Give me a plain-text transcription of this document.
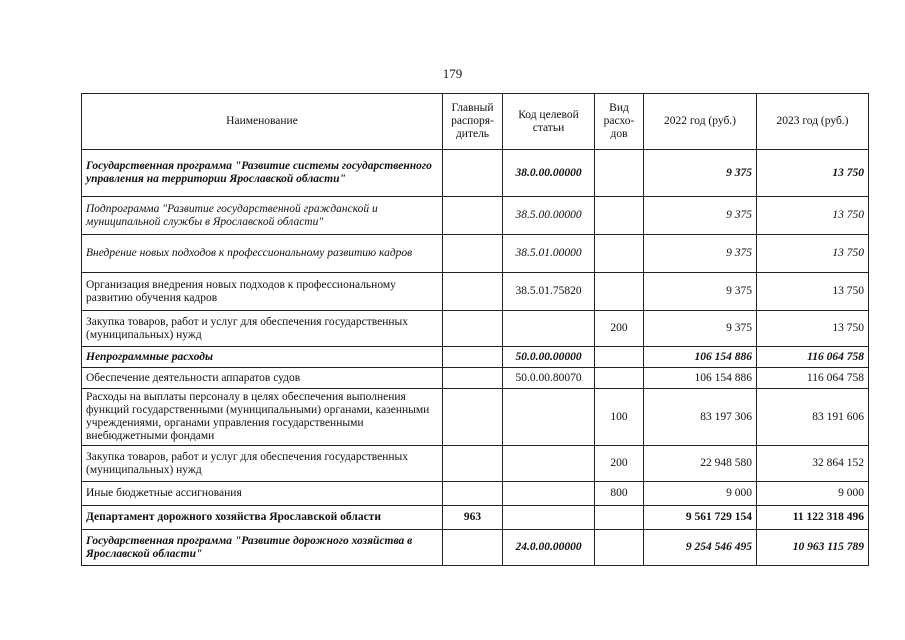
179
Наименование	Главный распоря-дитель	Код целевой статьи	Вид расхо-дов	2022 год (руб.)	2023 год (руб.)
Государственная программа "Развитие системы государственного управления на территории Ярославской области"		38.0.00.00000		9 375	13 750
Подпрограмма "Развитие государственной гражданской и муниципальной службы в Ярославской области"		38.5.00.00000		9 375	13 750
Внедрение новых подходов к профессиональному развитию кадров		38.5.01.00000		9 375	13 750
Организация внедрения новых подходов к профессиональному развитию обучения кадров		38.5.01.75820		9 375	13 750
Закупка товаров, работ и услуг для обеспечения государственных (муниципальных) нужд			200	9 375	13 750
Непрограммные расходы		50.0.00.00000		106 154 886	116 064 758
Обеспечение деятельности аппаратов судов		50.0.00.80070		106 154 886	116 064 758
Расходы на выплаты персоналу в целях обеспечения выполнения функций государственными (муниципальными) органами, казенными учреждениями, органами управления государственными внебюджетными фондами			100	83 197 306	83 191 606
Закупка товаров, работ и услуг для обеспечения государственных (муниципальных) нужд			200	22 948 580	32 864 152
Иные бюджетные ассигнования			800	9 000	9 000
Департамент дорожного хозяйства Ярославской области	963			9 561 729 154	11 122 318 496
Государственная программа "Развитие дорожного хозяйства в Ярославской области"		24.0.00.00000		9 254 546 495	10 963 115 789
